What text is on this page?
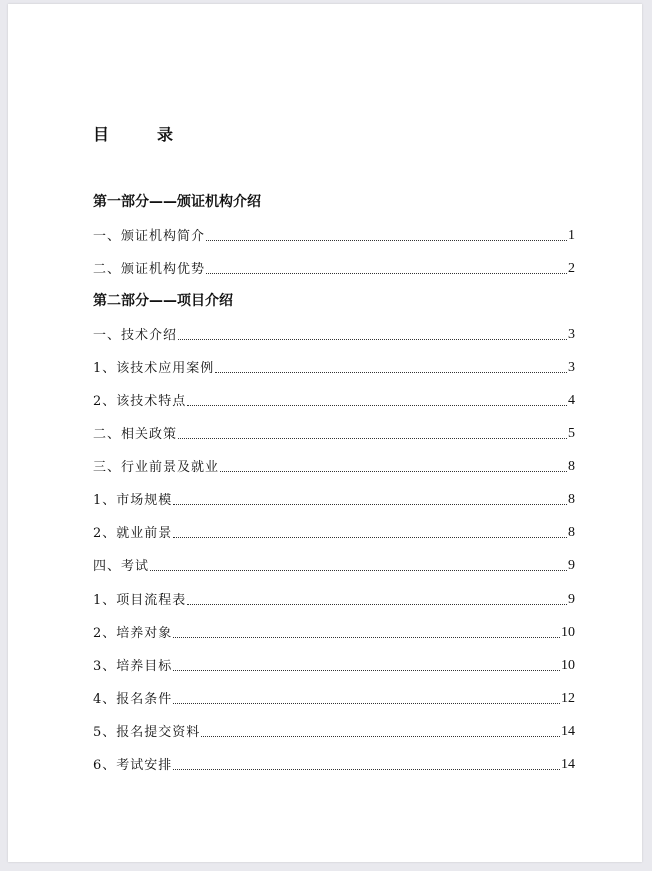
目	录
第一部分——颁证机构介绍
一、颁证机构简介	1
二、颁证机构优势	2
第二部分——项目介绍
一、技术介绍	3
1、该技术应用案例	3
2、该技术特点	4
二、相关政策	5
三、行业前景及就业	8
1、市场规模	8
2、就业前景	8
四、考试	9
1、项目流程表	9
2、培养对象	10
3、培养目标	10
4、报名条件	12
5、报名提交资料	14
6、考试安排	14
